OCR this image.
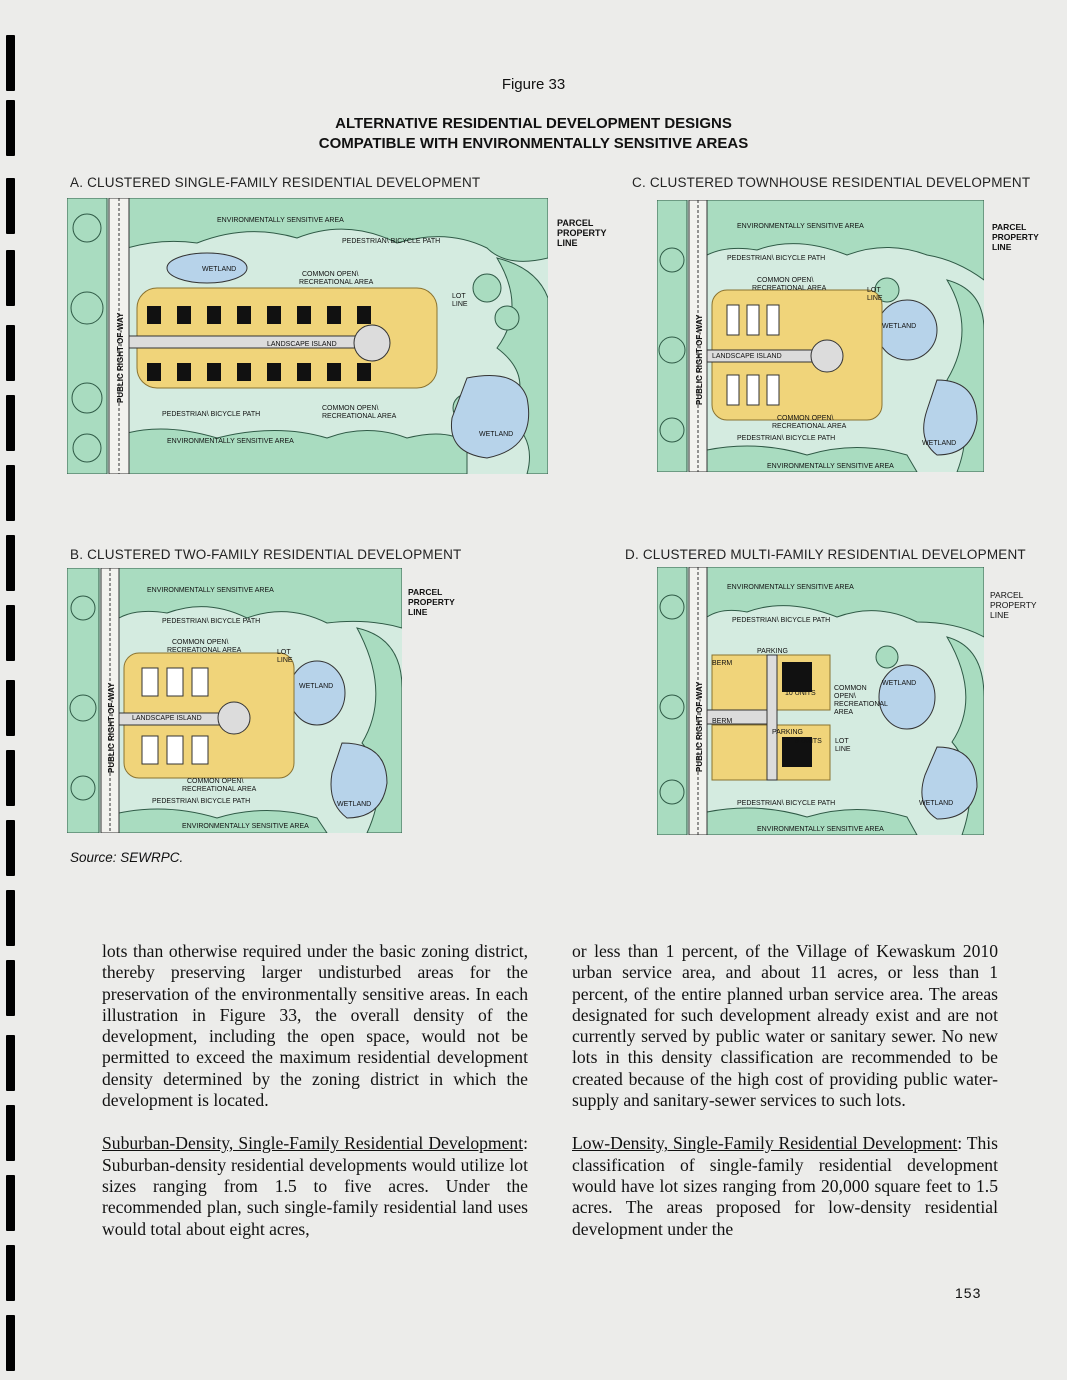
Figure 33
ALTERNATIVE RESIDENTIAL DEVELOPMENT DESIGNS
COMPATIBLE WITH ENVIRONMENTALLY SENSITIVE AREAS
A. CLUSTERED SINGLE-FAMILY RESIDENTIAL DEVELOPMENT	C. CLUSTERED TOWNHOUSE RESIDENTIAL DEVELOPMENT
B. CLUSTERED TWO-FAMILY RESIDENTIAL DEVELOPMENT	D. CLUSTERED MULTI-FAMILY RESIDENTIAL DEVELOPMENT
ENVIRONMENTALLY SENSITIVE AREA
ENVIRONMENTALLY SENSITIVE AREA
PEDESTRIAN\ BICYCLE PATH
PEDESTRIAN\ BICYCLE PATH
WETLAND
WETLAND
COMMON OPEN\
RECREATIONAL AREA
COMMON OPEN\
RECREATIONAL AREA
LANDSCAPE ISLAND
LOT
LINE
PUBLIC RIGHT-OF-WAY
PARCEL
PROPERTY
LINE
ENVIRONMENTALLY SENSITIVE AREA
ENVIRONMENTALLY SENSITIVE AREA
PEDESTRIAN\ BICYCLE PATH
PEDESTRIAN\ BICYCLE PATH
COMMON OPEN\
RECREATIONAL AREA
COMMON OPEN\
RECREATIONAL AREA
LOT
LINE
WETLAND
WETLAND
LANDSCAPE ISLAND
PUBLIC RIGHT-OF-WAY
PARCEL
PROPERTY
LINE
ENVIRONMENTALLY SENSITIVE AREA
ENVIRONMENTALLY SENSITIVE AREA
PEDESTRIAN\ BICYCLE PATH
PEDESTRIAN\ BICYCLE PATH
COMMON OPEN\
RECREATIONAL AREA
COMMON OPEN\
RECREATIONAL AREA
LOT
LINE
WETLAND
WETLAND
LANDSCAPE ISLAND
PUBLIC RIGHT-OF-WAY
PARCEL
PROPERTY
LINE
ENVIRONMENTALLY SENSITIVE AREA
ENVIRONMENTALLY SENSITIVE AREA
PEDESTRIAN\ BICYCLE PATH
PEDESTRIAN\ BICYCLE PATH
PARKING
PARKING
BERM
BERM
10 UNITS
8 UNITS
COMMON
OPEN\
RECREATIONAL
AREA
LOT
LINE
WETLAND
WETLAND
PUBLIC RIGHT-OF-WAY
PARCEL
PROPERTY
LINE
Source: SEWRPC.

lots than otherwise required under the basic zoning district, thereby preserving larger undisturbed areas for the preservation of the environmentally sensitive areas. In each illustration in Figure 33, the overall density of the development, including the open space, would not be permitted to exceed the maximum residential development density determined by the zoning district in which the development is located.

Suburban-Density, Single-Family Residential Development: Suburban-density residential developments would utilize lot sizes ranging from 1.5 to five acres. Under the recommended plan, such single-family residential land uses would total about eight acres,

or less than 1 percent, of the Village of Kewaskum 2010 urban service area, and about 11 acres, or less than 1 percent, of the entire planned urban service area. The areas designated for such development already exist and are not currently served by public water or sanitary sewer. No new lots in this density classification are recommended to be created because of the high cost of providing public water-supply and sanitary-sewer services to such lots.

Low-Density, Single-Family Residential Development: This classification of single-family residential development would have lot sizes ranging from 20,000 square feet to 1.5 acres. The areas proposed for low-density residential development under the

153
